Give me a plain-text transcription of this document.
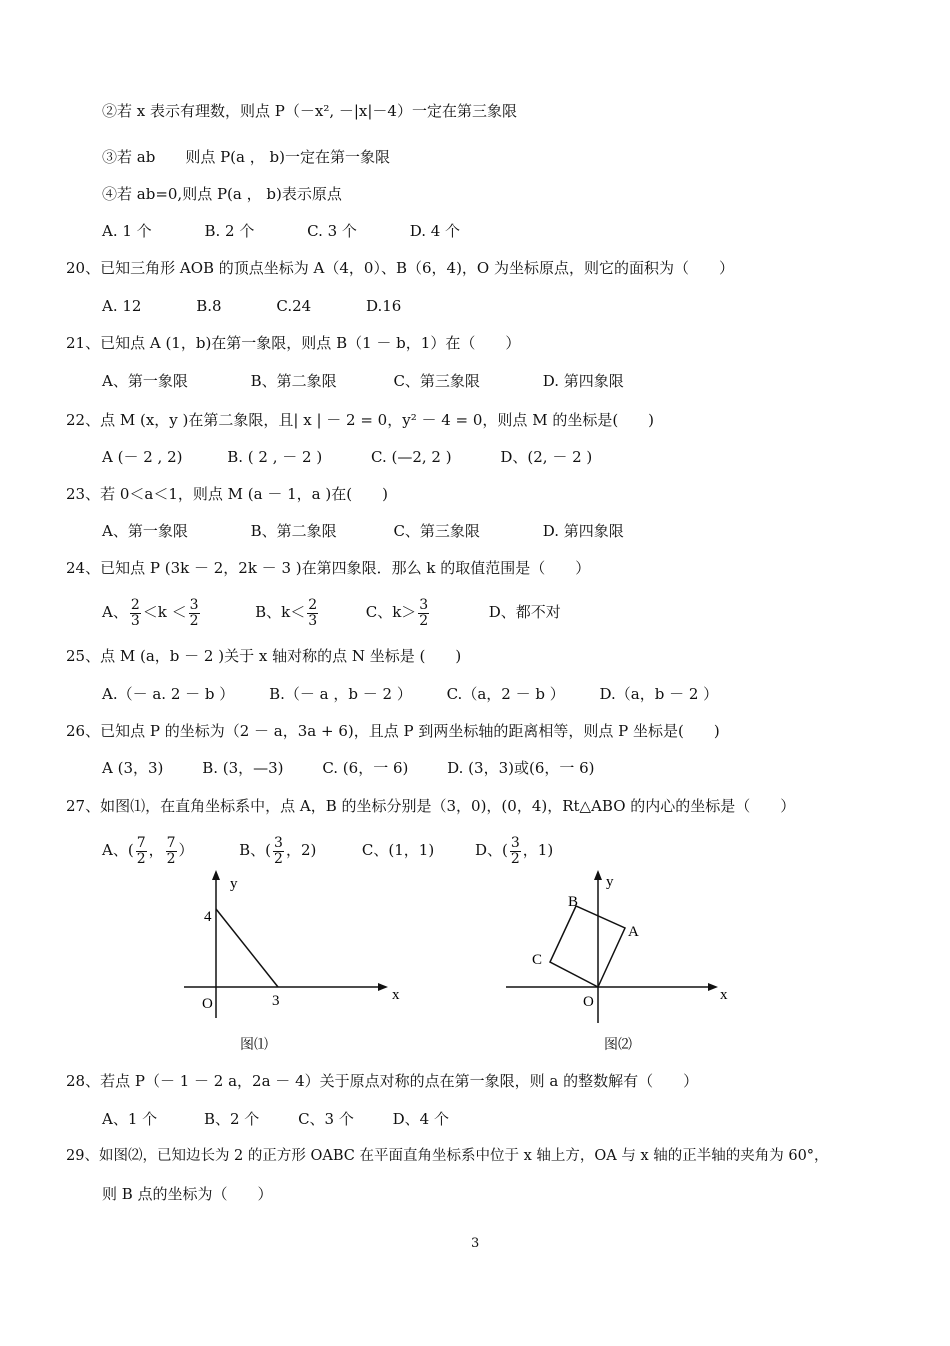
②若 x 表示有理数，则点 P（－x², －|x|－4）一定在第三象限
③若 ab　　则点 P(a ， b)一定在第一象限
④若 ab=0,则点 P(a ， b)表示原点
A. 1 个	B. 2 个	C. 3 个	D. 4 个
20、已知三角形 AOB 的顶点坐标为 A（4，0）、B（6，4)，O 为坐标原点，则它的面积为（　　）
A. 12	B.8	C.24	D.16
21、已知点 A (1，b)在第一象限，则点 B（1 － b，1）在（　　）
A、第一象限	B、第二象限	C、第三象限	D. 第四象限
22、点 M (x，y )在第二象限，且| x | － 2 = 0，y² － 4 = 0，则点 M 的坐标是(　　)
A (－ 2 , 2)	B. ( 2 , － 2 )	C. (—2, 2 )	D、(2, － 2 )
23、若 0＜a＜1，则点 M (a － 1，a )在(　　)
A、第一象限	B、第二象限	C、第三象限	D. 第四象限
24、已知点 P (3k － 2，2k － 3 )在第四象限．那么 k 的取值范围是（　　）
A、 $\frac{2}{3} <k < \frac{3}{2}$	B、$k< \frac{2}{3}$	C、$k> \frac{3}{2}$	D、都不对
25、点 M (a，b － 2 )关于 x 轴对称的点 N 坐标是 (　　)
A.（－ a. 2 － b ） B.（－ a ，b － 2 ） C.（a，2 － b ） D.（a，b － 2 ）
26、已知点 P 的坐标为（2 － a，3a + 6)，且点 P 到两坐标轴的距离相等，则点 P 坐标是(　　)
A (3，3)	B. (3，—3)	C. (6，一 6)	D. (3，3)或(6，一 6)
27、如图⑴，在直角坐标系中，点 A，B 的坐标分别是（3，0)，(0，4)，Rt△ABO 的内心的坐标是（　　）
A、( $\frac{7}{2}$ ， $\frac{7}{2}$ ）	B、( $\frac{3}{2}$ ，2)	C、(1，1)	D、( $\frac{3}{2}$ ，1)
y
x
O
4
3
图⑴
y
x
O
A
B
C
图⑵
28、若点 P（－ 1 － 2 a，2a － 4）关于原点对称的点在第一象限，则 a 的整数解有（　　）
A、1 个	B、2 个	C、3 个	D、4 个
29、如图⑵，已知边长为 2 的正方形 OABC 在平面直角坐标系中位于 x 轴上方，OA 与 x 轴的正半轴的夹角为 60°，
则 B 点的坐标为（　　）
3
